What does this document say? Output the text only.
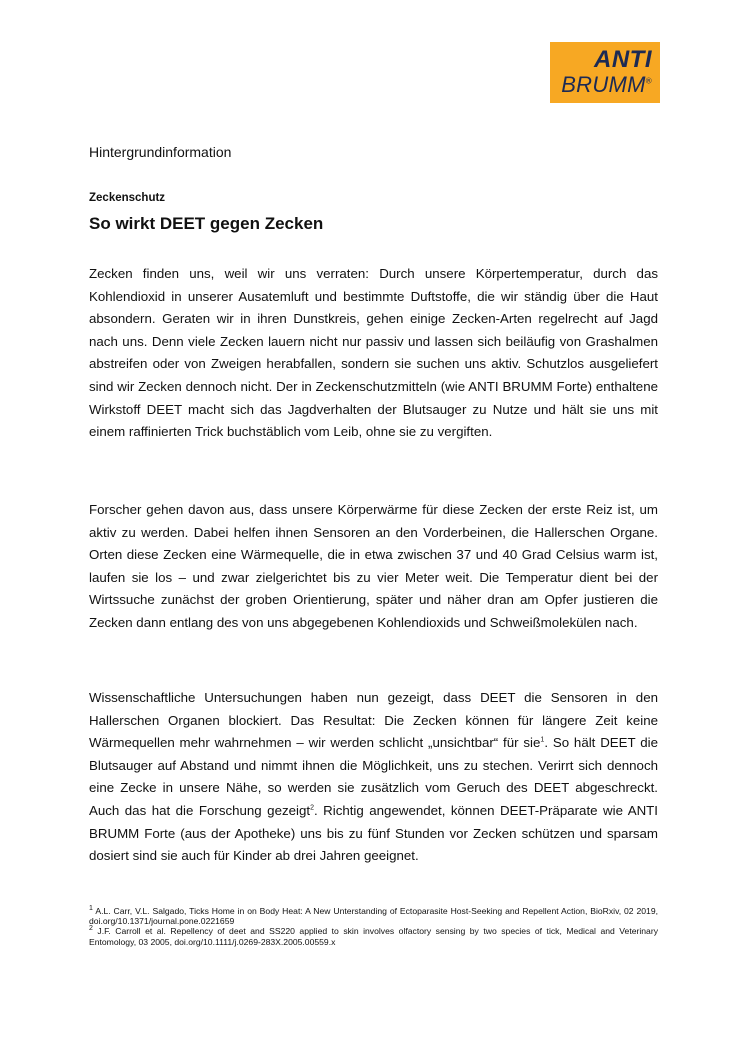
ANTI
BRUMM®
Hintergrundinformation
Zeckenschutz
So wirkt DEET gegen Zecken

Zecken finden uns, weil wir uns verraten: Durch unsere Körpertemperatur, durch das Kohlendioxid in unserer Ausatemluft und bestimmte Duftstoffe, die wir ständig über die Haut absondern. Geraten wir in ihren Dunstkreis, gehen einige Zecken-Arten regelrecht auf Jagd nach uns. Denn viele Zecken lauern nicht nur passiv und lassen sich beiläufig von Grashalmen abstreifen oder von Zweigen herabfallen, sondern sie suchen uns aktiv. Schutzlos ausgeliefert sind wir Zecken dennoch nicht. Der in Zeckenschutzmitteln (wie ANTI BRUMM Forte) enthaltene Wirkstoff DEET macht sich das Jagdverhalten der Blutsauger zu Nutze und hält sie uns mit einem raffinierten Trick buchstäblich vom Leib, ohne sie zu vergiften.

Forscher gehen davon aus, dass unsere Körperwärme für diese Zecken der erste Reiz ist, um aktiv zu werden. Dabei helfen ihnen Sensoren an den Vorderbeinen, die Hallerschen Organe. Orten diese Zecken eine Wärmequelle, die in etwa zwischen 37 und 40 Grad Celsius warm ist, laufen sie los – und zwar zielgerichtet bis zu vier Meter weit. Die Temperatur dient bei der Wirtssuche zunächst der groben Orientierung, später und näher dran am Opfer justieren die Zecken dann entlang des von uns abgegebenen Kohlendioxids und Schweißmolekülen nach.

Wissenschaftliche Untersuchungen haben nun gezeigt, dass DEET die Sensoren in den Hallerschen Organen blockiert. Das Resultat: Die Zecken können für längere Zeit keine Wärmequellen mehr wahrnehmen – wir werden schlicht „unsichtbar“ für sie$^1$. So hält DEET die Blutsauger auf Abstand und nimmt ihnen die Möglichkeit, uns zu stechen. Verirrt sich dennoch eine Zecke in unsere Nähe, so werden sie zusätzlich vom Geruch des DEET abgeschreckt. Auch das hat die Forschung gezeigt$^2$. Richtig angewendet, können DEET-Präparate wie ANTI BRUMM Forte (aus der Apotheke) uns bis zu fünf Stunden vor Zecken schützen und sparsam dosiert sind sie auch für Kinder ab drei Jahren geeignet.

$^1$ A.L. Carr, V.L. Salgado, Ticks Home in on Body Heat: A New Unterstanding of Ectoparasite Host-Seeking and Repellent Action, BioRxiv, 02 2019, doi.org/10.1371/journal.pone.0221659

$^2$ J.F. Carroll et al. Repellency of deet and SS220 applied to skin involves olfactory sensing by two species of tick, Medical and Veterinary Entomology, 03 2005, doi.org/10.1111/j.0269-283X.2005.00559.x
